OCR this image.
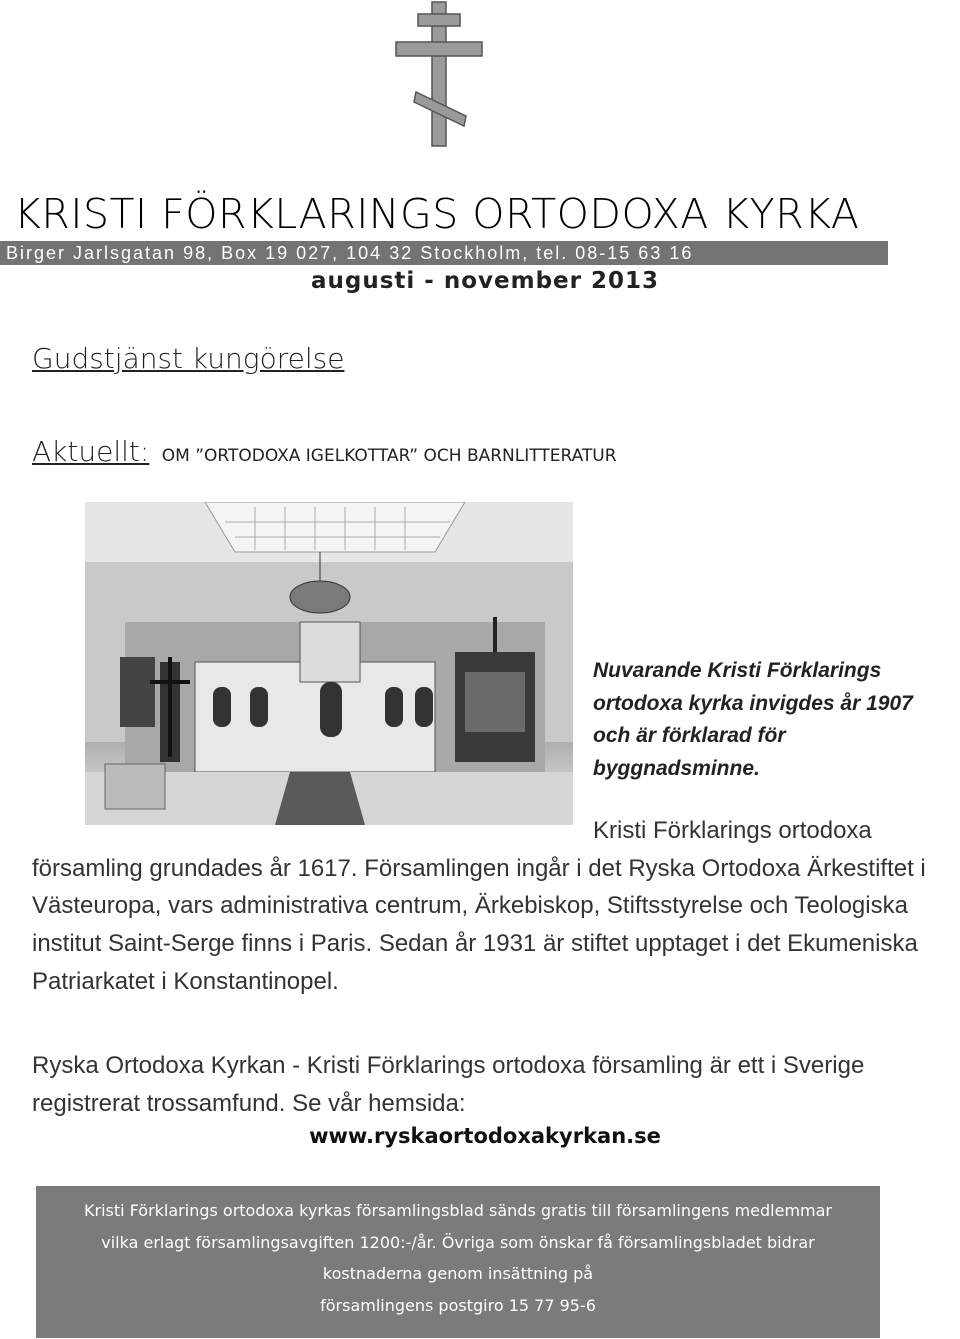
KRISTI FÖRKLARINGS ORTODOXA KYRKA
Birger Jarlsgatan 98, Box 19 027, 104 32 Stockholm, tel. 08-15 63 16
augusti - november 2013
Gudstjänst kungörelse
Aktuellt: OM ”ORTODOXA IGELKOTTAR” OCH BARNLITTERATUR
Nuvarande Kristi Förklarings ortodoxa kyrka invigdes år 1907 och är förklarad för byggnadsminne.
Kristi Förklarings ortodoxa
församling grundades år 1617. Församlingen ingår i det Ryska Ortodoxa Ärkestiftet i Västeuropa, vars administrativa centrum, Ärkebiskop, Stiftsstyrelse och Teologiska institut Saint-Serge finns i Paris. Sedan år 1931 är stiftet upptaget i det Ekumeniska Patriarkatet i Konstantinopel.
Ryska Ortodoxa Kyrkan - Kristi Förklarings ortodoxa församling är ett i Sverige registrerat trossamfund. Se vår hemsida:
www.ryskaortodoxakyrkan.se
Kristi Förklarings ortodoxa kyrkas församlingsblad sänds gratis till församlingens medlemmar
vilka erlagt församlingsavgiften 1200:-/år. Övriga som önskar få församlingsbladet bidrar
kostnaderna genom insättning på
församlingens postgiro 15 77 95-6
